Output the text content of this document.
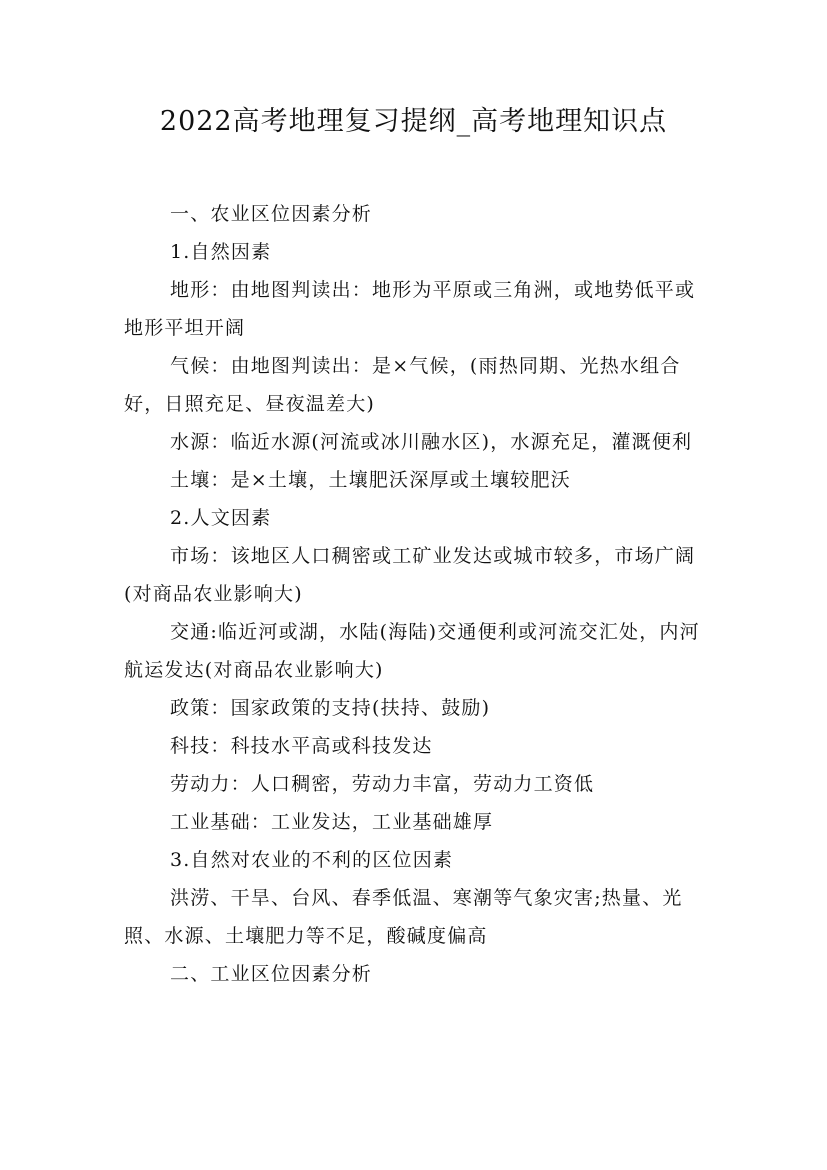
2022高考地理复习提纲_高考地理知识点

一、农业区位因素分析

1.自然因素

地形：由地图判读出：地形为平原或三角洲，或地势低平或地形平坦开阔

气候：由地图判读出：是×气候，(雨热同期、光热水组合好，日照充足、昼夜温差大)

水源：临近水源(河流或冰川融水区)，水源充足，灌溉便利

土壤：是×土壤，土壤肥沃深厚或土壤较肥沃

2.人文因素

市场：该地区人口稠密或工矿业发达或城市较多，市场广阔(对商品农业影响大)

交通:临近河或湖，水陆(海陆)交通便利或河流交汇处，内河航运发达(对商品农业影响大)

政策：国家政策的支持(扶持、鼓励)

科技：科技水平高或科技发达

劳动力：人口稠密，劳动力丰富，劳动力工资低

工业基础：工业发达，工业基础雄厚

3.自然对农业的不利的区位因素

洪涝、干旱、台风、春季低温、寒潮等气象灾害;热量、光照、水源、土壤肥力等不足，酸碱度偏高

二、工业区位因素分析
